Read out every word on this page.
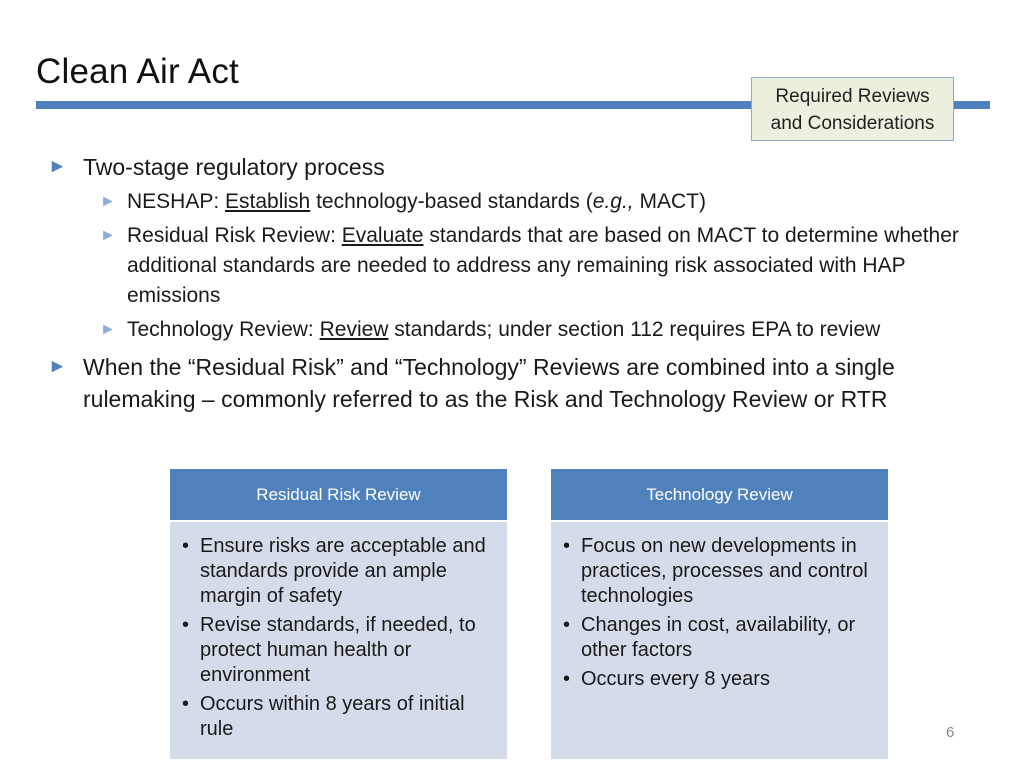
Clean Air Act
Required Reviews
and Considerations
► Two-stage regulatory process
► NESHAP: Establish technology-based standards (e.g., MACT)
► Residual Risk Review: Evaluate standards that are based on MACT to determine whether additional standards are needed to address any remaining risk associated with HAP emissions
► Technology Review: Review standards; under section 112 requires EPA to review
► When the “Residual Risk” and “Technology” Reviews are combined into a single rulemaking – commonly referred to as the Risk and Technology Review or RTR
Residual Risk Review
• Ensure risks are acceptable and standards provide an ample margin of safety
• Revise standards, if needed, to protect human health or environment
• Occurs within 8 years of initial rule
Technology Review
• Focus on new developments in practices, processes and control technologies
• Changes in cost, availability, or other factors
• Occurs every 8 years
6
